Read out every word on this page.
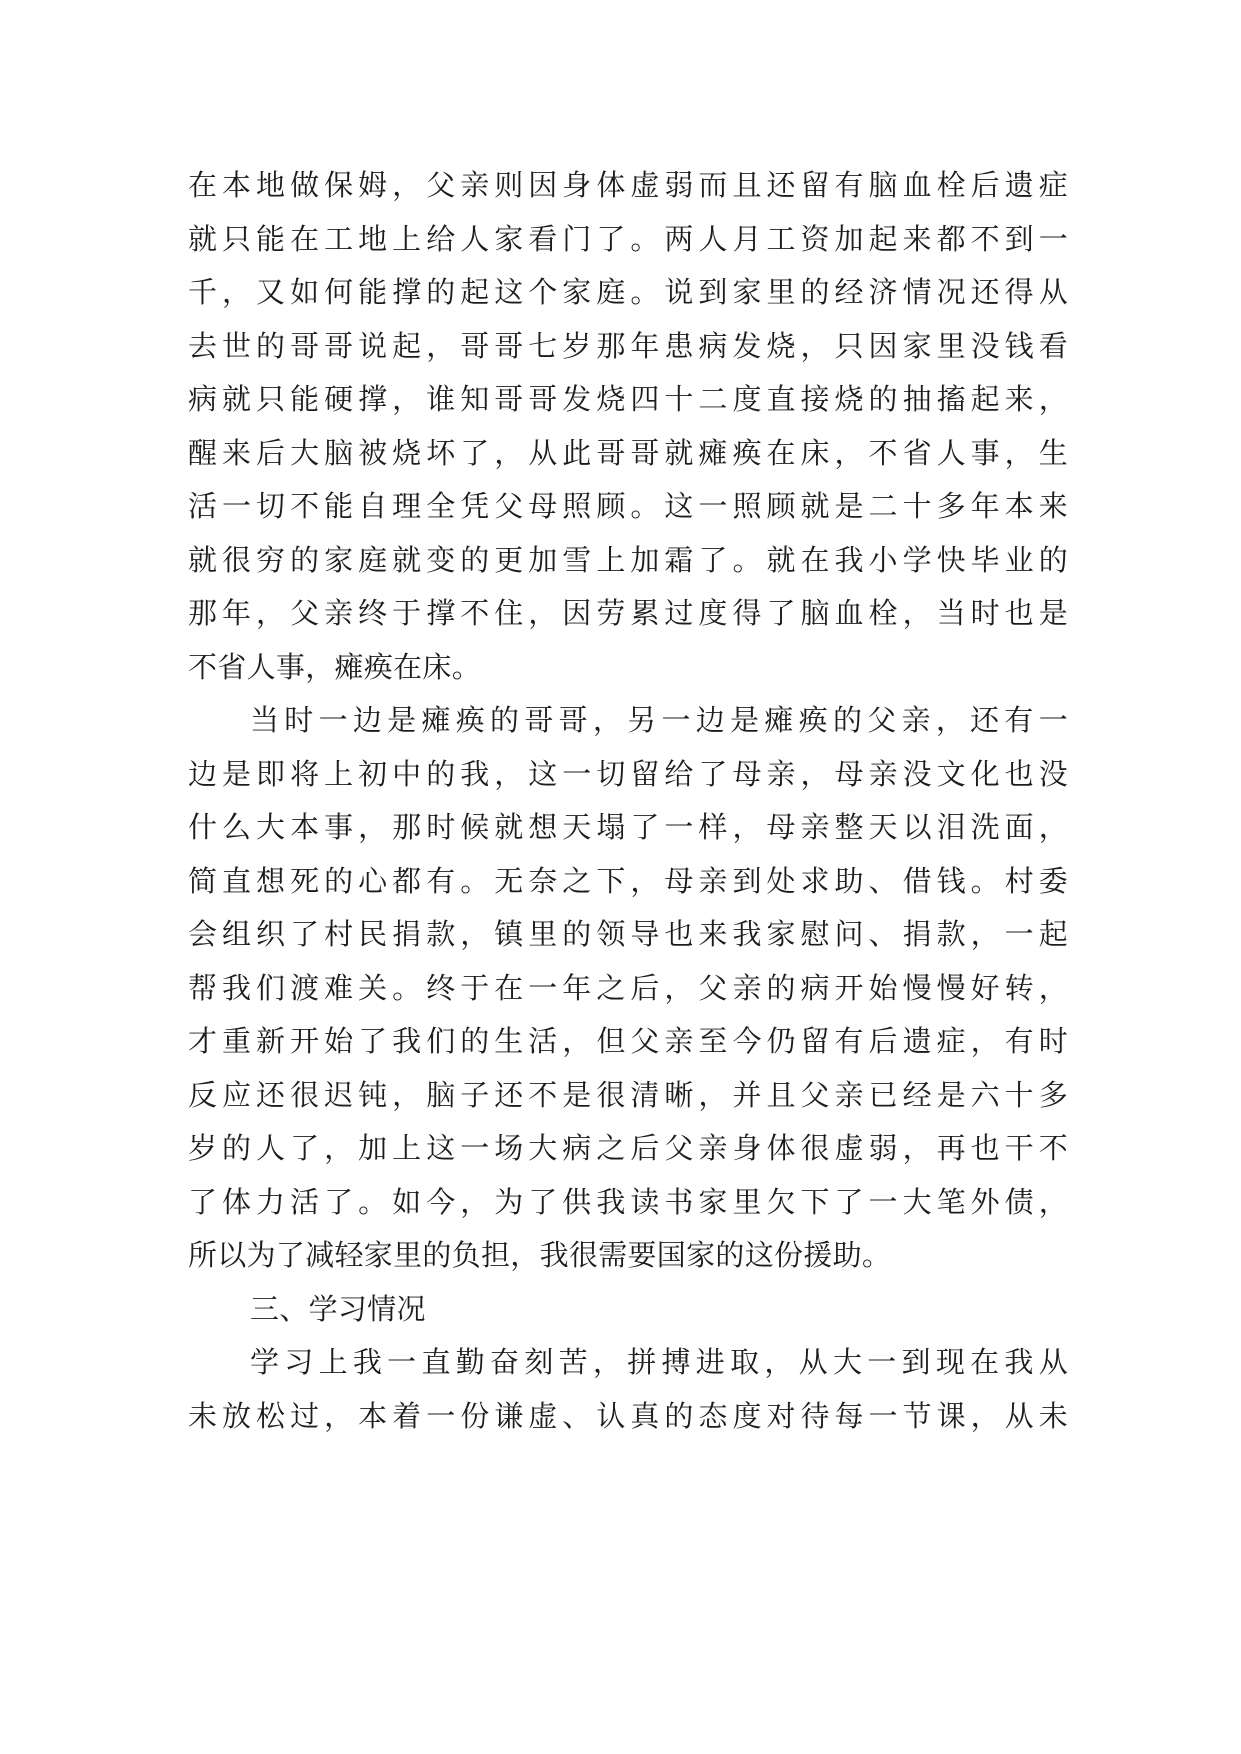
在本地做保姆，父亲则因身体虚弱而且还留有脑血栓后遗症
就只能在工地上给人家看门了。两人月工资加起来都不到一
千，又如何能撑的起这个家庭。说到家里的经济情况还得从
去世的哥哥说起，哥哥七岁那年患病发烧，只因家里没钱看
病就只能硬撑，谁知哥哥发烧四十二度直接烧的抽搐起来，
醒来后大脑被烧坏了，从此哥哥就瘫痪在床，不省人事，生
活一切不能自理全凭父母照顾。这一照顾就是二十多年本来
就很穷的家庭就变的更加雪上加霜了。就在我小学快毕业的
那年，父亲终于撑不住，因劳累过度得了脑血栓，当时也是
不省人事，瘫痪在床。
当时一边是瘫痪的哥哥，另一边是瘫痪的父亲，还有一
边是即将上初中的我，这一切留给了母亲，母亲没文化也没
什么大本事，那时候就想天塌了一样，母亲整天以泪洗面，
简直想死的心都有。无奈之下，母亲到处求助、借钱。村委
会组织了村民捐款，镇里的领导也来我家慰问、捐款，一起
帮我们渡难关。终于在一年之后，父亲的病开始慢慢好转，
才重新开始了我们的生活，但父亲至今仍留有后遗症，有时
反应还很迟钝，脑子还不是很清晰，并且父亲已经是六十多
岁的人了，加上这一场大病之后父亲身体很虚弱，再也干不
了体力活了。如今，为了供我读书家里欠下了一大笔外债，
所以为了减轻家里的负担，我很需要国家的这份援助。
三、学习情况
学习上我一直勤奋刻苦，拼搏进取，从大一到现在我从
未放松过，本着一份谦虚、认真的态度对待每一节课，从未
